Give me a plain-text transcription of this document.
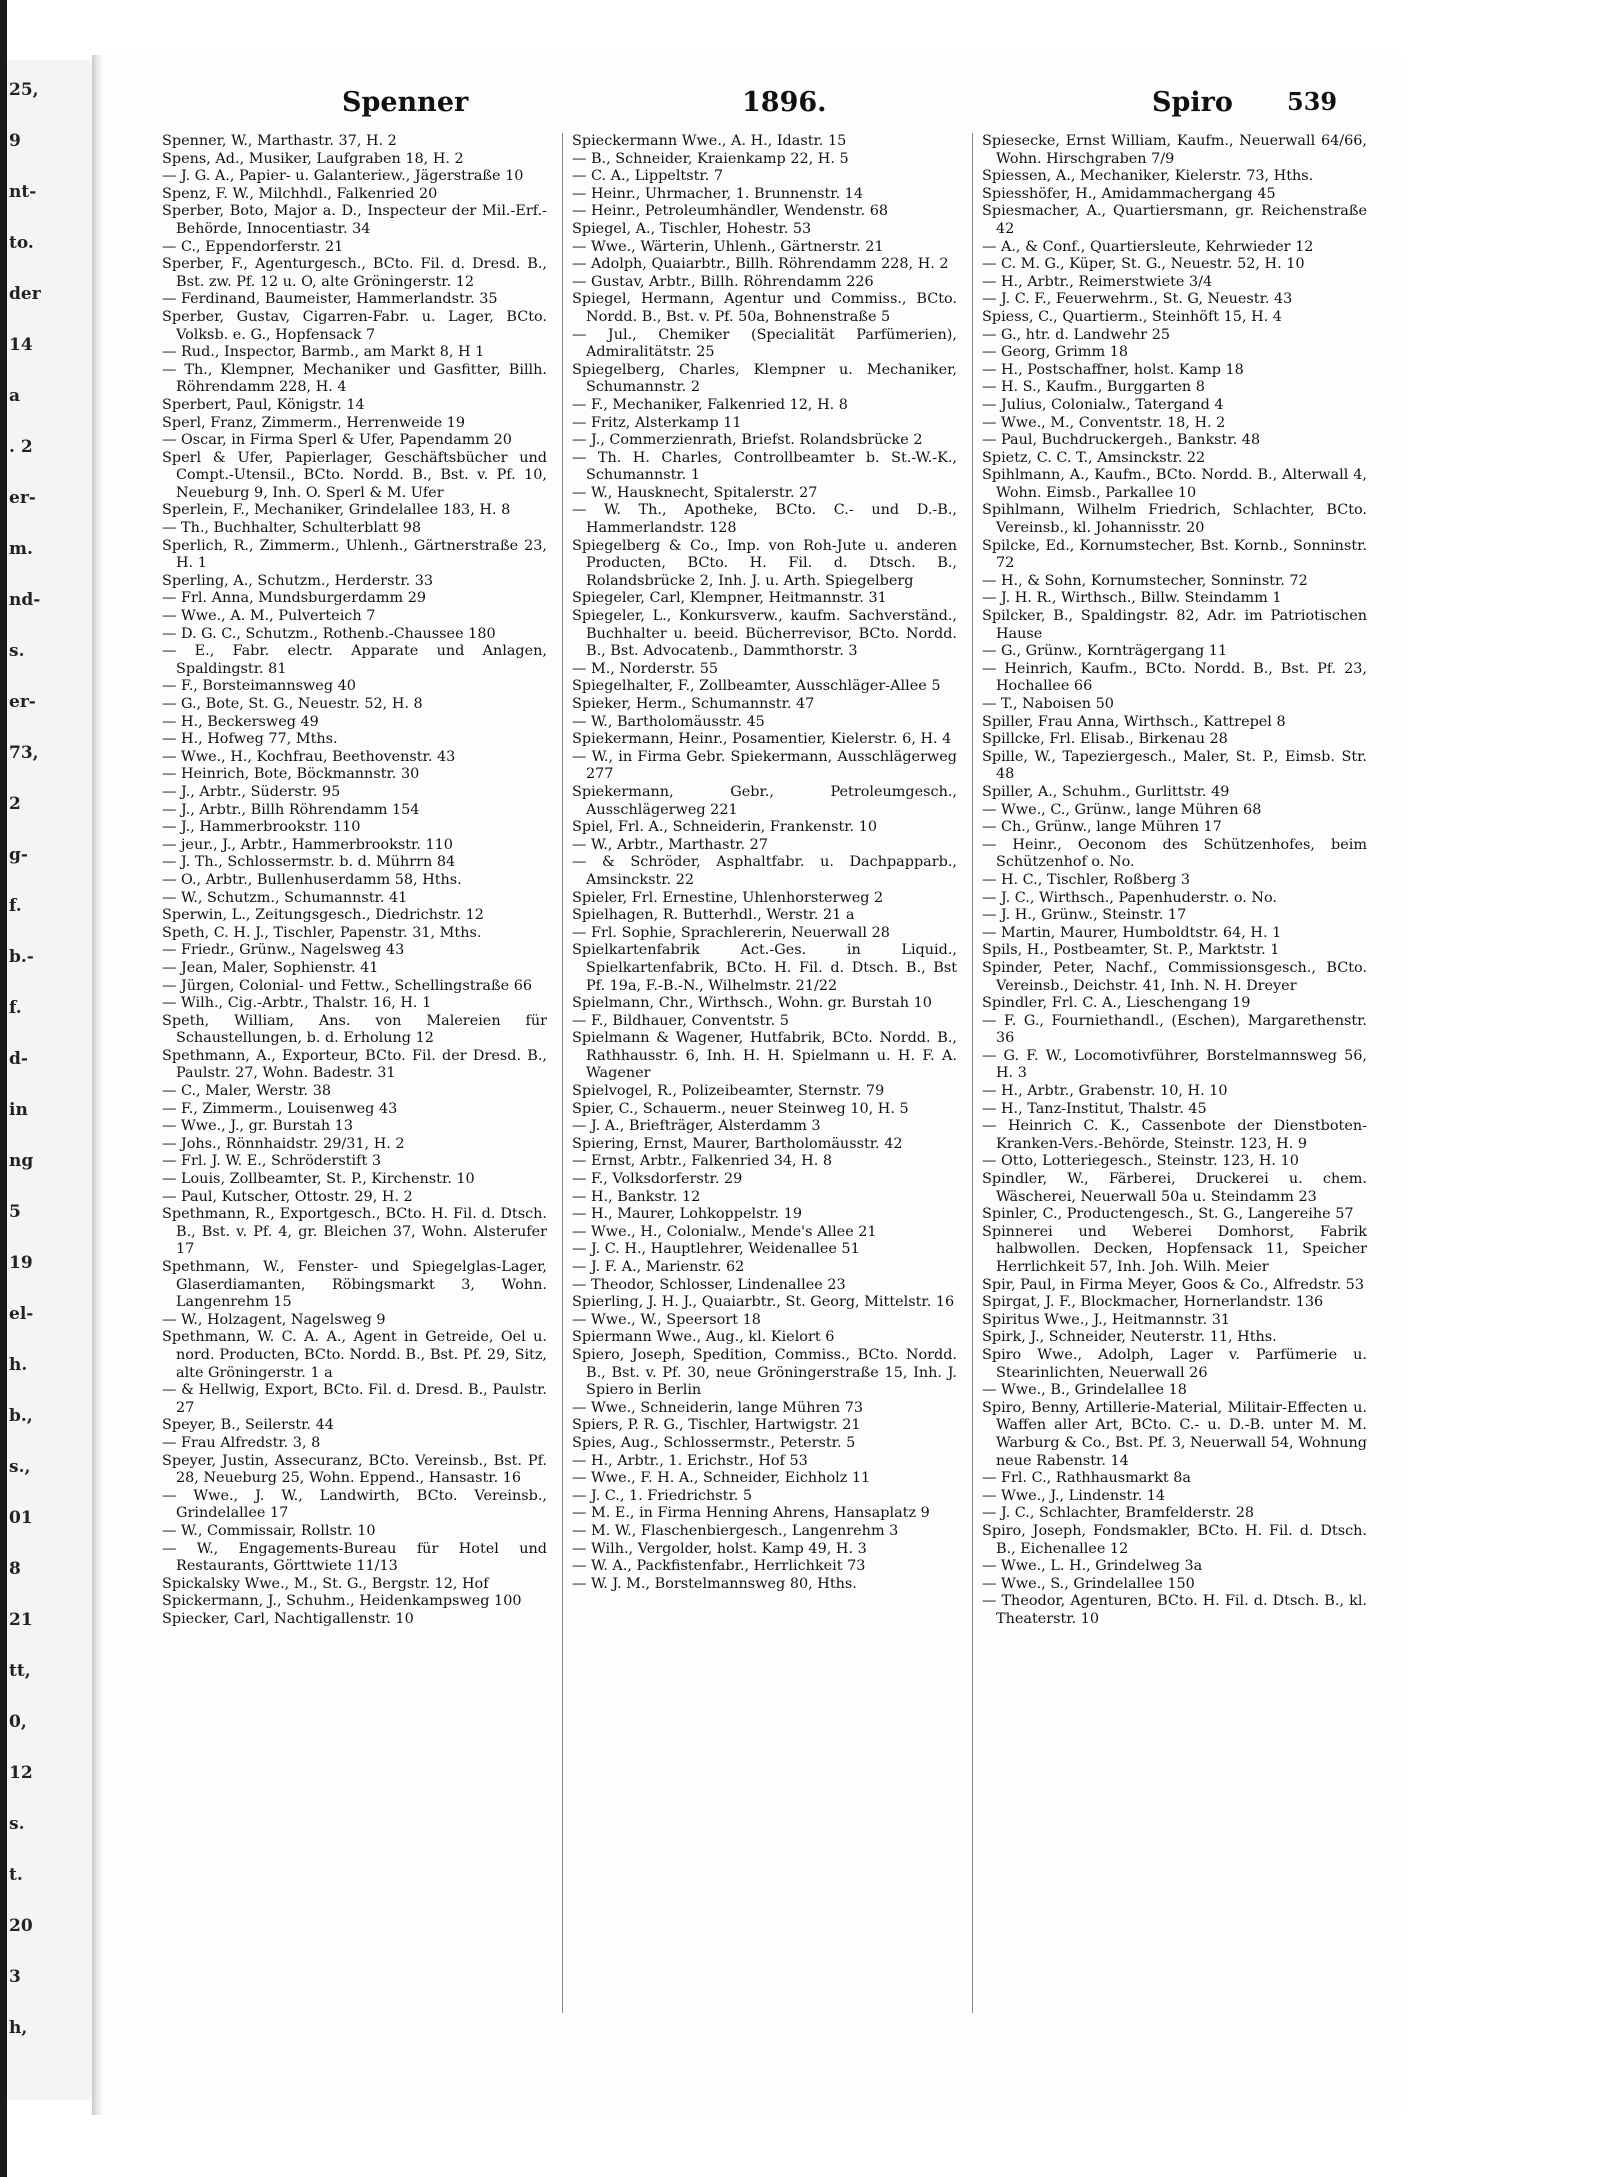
25,
9
nt-
to.
der
14
a
. 2
er-
m.
nd-
s.
er-
73,
2
g-
f.
b.-
f.
d-
in
ng
5
19
el-
h.
b.,
s.,
01
8
21
tt,
0,
12
s.
t.
20
3
h,
Spenner	1896.	Spiro 539
Spenner, W., Marthastr. 37, H. 2
Spens, Ad., Musiker, Laufgraben 18, H. 2
— J. G. A., Papier- u. Galanteriew., Jägerstraße 10
Spenz, F. W., Milchhdl., Falkenried 20
Sperber, Boto, Major a. D., Inspecteur der Mil.-Erf.-Behörde, Innocentiastr. 34
— C., Eppendorferstr. 21
Sperber, F., Agenturgesch., BCto. Fil. d. Dresd. B., Bst. zw. Pf. 12 u. O, alte Gröningerstr. 12
— Ferdinand, Baumeister, Hammerlandstr. 35
Sperber, Gustav, Cigarren-Fabr. u. Lager, BCto. Volksb. e. G., Hopfensack 7
— Rud., Inspector, Barmb., am Markt 8, H 1
— Th., Klempner, Mechaniker und Gasfitter, Billh. Röhrendamm 228, H. 4
Sperbert, Paul, Königstr. 14
Sperl, Franz, Zimmerm., Herrenweide 19
— Oscar, in Firma Sperl & Ufer, Papendamm 20
Sperl & Ufer, Papierlager, Geschäftsbücher und Compt.-Utensil., BCto. Nordd. B., Bst. v. Pf. 10, Neueburg 9, Inh. O. Sperl & M. Ufer
Sperlein, F., Mechaniker, Grindelallee 183, H. 8
— Th., Buchhalter, Schulterblatt 98
Sperlich, R., Zimmerm., Uhlenh., Gärtnerstraße 23, H. 1
Sperling, A., Schutzm., Herderstr. 33
— Frl. Anna, Mundsburgerdamm 29
— Wwe., A. M., Pulverteich 7
— D. G. C., Schutzm., Rothenb.-Chaussee 180
— E., Fabr. electr. Apparate und Anlagen, Spaldingstr. 81
— F., Borsteimannsweg 40
— G., Bote, St. G., Neuestr. 52, H. 8
— H., Beckersweg 49
— H., Hofweg 77, Mths.
— Wwe., H., Kochfrau, Beethovenstr. 43
— Heinrich, Bote, Böckmannstr. 30
— J., Arbtr., Süderstr. 95
— J., Arbtr., Billh Röhrendamm 154
— J., Hammerbrookstr. 110
— jeur., J., Arbtr., Hammerbrookstr. 110
— J. Th., Schlossermstr. b. d. Mührrn 84
— O., Arbtr., Bullenhuserdamm 58, Hths.
— W., Schutzm., Schumannstr. 41
Sperwin, L., Zeitungsgesch., Diedrichstr. 12
Speth, C. H. J., Tischler, Papenstr. 31, Mths.
— Friedr., Grünw., Nagelsweg 43
— Jean, Maler, Sophienstr. 41
— Jürgen, Colonial- und Fettw., Schellingstraße 66
— Wilh., Cig.-Arbtr., Thalstr. 16, H. 1
Speth, William, Ans. von Malereien für Schaustellungen, b. d. Erholung 12
Spethmann, A., Exporteur, BCto. Fil. der Dresd. B., Paulstr. 27, Wohn. Badestr. 31
— C., Maler, Werstr. 38
— F., Zimmerm., Louisenweg 43
— Wwe., J., gr. Burstah 13
— Johs., Rönnhaidstr. 29/31, H. 2
— Frl. J. W. E., Schröderstift 3
— Louis, Zollbeamter, St. P., Kirchenstr. 10
— Paul, Kutscher, Ottostr. 29, H. 2
Spethmann, R., Exportgesch., BCto. H. Fil. d. Dtsch. B., Bst. v. Pf. 4, gr. Bleichen 37, Wohn. Alsterufer 17
Spethmann, W., Fenster- und Spiegelglas-Lager, Glaserdiamanten, Röbingsmarkt 3, Wohn. Langenrehm 15
— W., Holzagent, Nagelsweg 9
Spethmann, W. C. A. A., Agent in Getreide, Oel u. nord. Producten, BCto. Nordd. B., Bst. Pf. 29, Sitz, alte Gröningerstr. 1 a
— & Hellwig, Export, BCto. Fil. d. Dresd. B., Paulstr. 27
Speyer, B., Seilerstr. 44
— Frau Alfredstr. 3, 8
Speyer, Justin, Assecuranz, BCto. Vereinsb., Bst. Pf. 28, Neueburg 25, Wohn. Eppend., Hansastr. 16
— Wwe., J. W., Landwirth, BCto. Vereinsb., Grindelallee 17
— W., Commissair, Rollstr. 10
— W., Engagements-Bureau für Hotel und Restaurants, Görttwiete 11/13
Spickalsky Wwe., M., St. G., Bergstr. 12, Hof
Spickermann, J., Schuhm., Heidenkampsweg 100
Spiecker, Carl, Nachtigallenstr. 10
Spieckermann Wwe., A. H., Idastr. 15
— B., Schneider, Kraienkamp 22, H. 5
— C. A., Lippeltstr. 7
— Heinr., Uhrmacher, 1. Brunnenstr. 14
— Heinr., Petroleumhändler, Wendenstr. 68
Spiegel, A., Tischler, Hohestr. 53
— Wwe., Wärterin, Uhlenh., Gärtnerstr. 21
— Adolph, Quaiarbtr., Billh. Röhrendamm 228, H. 2
— Gustav, Arbtr., Billh. Röhrendamm 226
Spiegel, Hermann, Agentur und Commiss., BCto. Nordd. B., Bst. v. Pf. 50a, Bohnenstraße 5
— Jul., Chemiker (Specialität Parfümerien), Admiralitätstr. 25
Spiegelberg, Charles, Klempner u. Mechaniker, Schumannstr. 2
— F., Mechaniker, Falkenried 12, H. 8
— Fritz, Alsterkamp 11
— J., Commerzienrath, Briefst. Rolandsbrücke 2
— Th. H. Charles, Controllbeamter b. St.-W.-K., Schumannstr. 1
— W., Hausknecht, Spitalerstr. 27
— W. Th., Apotheke, BCto. C.- und D.-B., Hammerlandstr. 128
Spiegelberg & Co., Imp. von Roh-Jute u. anderen Producten, BCto. H. Fil. d. Dtsch. B., Rolandsbrücke 2, Inh. J. u. Arth. Spiegelberg
Spiegeler, Carl, Klempner, Heitmannstr. 31
Spiegeler, L., Konkursverw., kaufm. Sachverständ., Buchhalter u. beeid. Bücherrevisor, BCto. Nordd. B., Bst. Advocatenb., Dammthorstr. 3
— M., Norderstr. 55
Spiegelhalter, F., Zollbeamter, Ausschläger-Allee 5
Spieker, Herm., Schumannstr. 47
— W., Bartholomäusstr. 45
Spiekermann, Heinr., Posamentier, Kielerstr. 6, H. 4
— W., in Firma Gebr. Spiekermann, Ausschlägerweg 277
Spiekermann, Gebr., Petroleumgesch., Ausschlägerweg 221
Spiel, Frl. A., Schneiderin, Frankenstr. 10
— W., Arbtr., Marthastr. 27
— & Schröder, Asphaltfabr. u. Dachpapparb., Amsinckstr. 22
Spieler, Frl. Ernestine, Uhlenhorsterweg 2
Spielhagen, R. Butterhdl., Werstr. 21 a
— Frl. Sophie, Sprachlererin, Neuerwall 28
Spielkartenfabrik Act.-Ges. in Liquid., Spielkartenfabrik, BCto. H. Fil. d. Dtsch. B., Bst Pf. 19a, F.-B.-N., Wilhelmstr. 21/22
Spielmann, Chr., Wirthsch., Wohn. gr. Burstah 10
— F., Bildhauer, Conventstr. 5
Spielmann & Wagener, Hutfabrik, BCto. Nordd. B., Rathhausstr. 6, Inh. H. H. Spielmann u. H. F. A. Wagener
Spielvogel, R., Polizeibeamter, Sternstr. 79
Spier, C., Schauerm., neuer Steinweg 10, H. 5
— J. A., Briefträger, Alsterdamm 3
Spiering, Ernst, Maurer, Bartholomäusstr. 42
— Ernst, Arbtr., Falkenried 34, H. 8
— F., Volksdorferstr. 29
— H., Bankstr. 12
— H., Maurer, Lohkoppelstr. 19
— Wwe., H., Colonialw., Mende's Allee 21
— J. C. H., Hauptlehrer, Weidenallee 51
— J. F. A., Marienstr. 62
— Theodor, Schlosser, Lindenallee 23
Spierling, J. H. J., Quaiarbtr., St. Georg, Mittelstr. 16
— Wwe., W., Speersort 18
Spiermann Wwe., Aug., kl. Kielort 6
Spiero, Joseph, Spedition, Commiss., BCto. Nordd. B., Bst. v. Pf. 30, neue Gröningerstraße 15, Inh. J. Spiero in Berlin
— Wwe., Schneiderin, lange Mühren 73
Spiers, P. R. G., Tischler, Hartwigstr. 21
Spies, Aug., Schlossermstr., Peterstr. 5
— H., Arbtr., 1. Erichstr., Hof 53
— Wwe., F. H. A., Schneider, Eichholz 11
— J. C., 1. Friedrichstr. 5
— M. E., in Firma Henning Ahrens, Hansaplatz 9
— M. W., Flaschenbiergesch., Langenrehm 3
— Wilh., Vergolder, holst. Kamp 49, H. 3
— W. A., Packfistenfabr., Herrlichkeit 73
— W. J. M., Borstelmannsweg 80, Hths.
Spiesecke, Ernst William, Kaufm., Neuerwall 64/66, Wohn. Hirschgraben 7/9
Spiessen, A., Mechaniker, Kielerstr. 73, Hths.
Spiesshöfer, H., Amidammachergang 45
Spiesmacher, A., Quartiersmann, gr. Reichenstraße 42
— A., & Conf., Quartiersleute, Kehrwieder 12
— C. M. G., Küper, St. G., Neuestr. 52, H. 10
— H., Arbtr., Reimerstwiete 3/4
— J. C. F., Feuerwehrm., St. G, Neuestr. 43
Spiess, C., Quartierm., Steinhöft 15, H. 4
— G., htr. d. Landwehr 25
— Georg, Grimm 18
— H., Postschaffner, holst. Kamp 18
— H. S., Kaufm., Burggarten 8
— Julius, Colonialw., Tatergand 4
— Wwe., M., Conventstr. 18, H. 2
— Paul, Buchdruckergeh., Bankstr. 48
Spietz, C. C. T., Amsinckstr. 22
Spihlmann, A., Kaufm., BCto. Nordd. B., Alterwall 4, Wohn. Eimsb., Parkallee 10
Spihlmann, Wilhelm Friedrich, Schlachter, BCto. Vereinsb., kl. Johannisstr. 20
Spilcke, Ed., Kornumstecher, Bst. Kornb., Sonninstr. 72
— H., & Sohn, Kornumstecher, Sonninstr. 72
— J. H. R., Wirthsch., Billw. Steindamm 1
Spilcker, B., Spaldingstr. 82, Adr. im Patriotischen Hause
— G., Grünw., Kornträgergang 11
— Heinrich, Kaufm., BCto. Nordd. B., Bst. Pf. 23, Hochallee 66
— T., Naboisen 50
Spiller, Frau Anna, Wirthsch., Kattrepel 8
Spillcke, Frl. Elisab., Birkenau 28
Spille, W., Tapeziergesch., Maler, St. P., Eimsb. Str. 48
Spiller, A., Schuhm., Gurlittstr. 49
— Wwe., C., Grünw., lange Mühren 68
— Ch., Grünw., lange Mühren 17
— Heinr., Oeconom des Schützenhofes, beim Schützenhof o. No.
— H. C., Tischler, Roßberg 3
— J. C., Wirthsch., Papenhuderstr. o. No.
— J. H., Grünw., Steinstr. 17
— Martin, Maurer, Humboldtstr. 64, H. 1
Spils, H., Postbeamter, St. P., Marktstr. 1
Spinder, Peter, Nachf., Commissionsgesch., BCto. Vereinsb., Deichstr. 41, Inh. N. H. Dreyer
Spindler, Frl. C. A., Lieschengang 19
— F. G., Fourniethandl., (Eschen), Margarethenstr. 36
— G. F. W., Locomotivführer, Borstelmannsweg 56, H. 3
— H., Arbtr., Grabenstr. 10, H. 10
— H., Tanz-Institut, Thalstr. 45
— Heinrich C. K., Cassenbote der Dienstboten-Kranken-Vers.-Behörde, Steinstr. 123, H. 9
— Otto, Lotteriegesch., Steinstr. 123, H. 10
Spindler, W., Färberei, Druckerei u. chem. Wäscherei, Neuerwall 50a u. Steindamm 23
Spinler, C., Productengesch., St. G., Langereihe 57
Spinnerei und Weberei Domhorst, Fabrik halbwollen. Decken, Hopfensack 11, Speicher Herrlichkeit 57, Inh. Joh. Wilh. Meier
Spir, Paul, in Firma Meyer, Goos & Co., Alfredstr. 53
Spirgat, J. F., Blockmacher, Hornerlandstr. 136
Spiritus Wwe., J., Heitmannstr. 31
Spirk, J., Schneider, Neuterstr. 11, Hths.
Spiro Wwe., Adolph, Lager v. Parfümerie u. Stearinlichten, Neuerwall 26
— Wwe., B., Grindelallee 18
Spiro, Benny, Artillerie-Material, Militair-Effecten u. Waffen aller Art, BCto. C.- u. D.-B. unter M. M. Warburg & Co., Bst. Pf. 3, Neuerwall 54, Wohnung neue Rabenstr. 14
— Frl. C., Rathhausmarkt 8a
— Wwe., J., Lindenstr. 14
— J. C., Schlachter, Bramfelderstr. 28
Spiro, Joseph, Fondsmakler, BCto. H. Fil. d. Dtsch. B., Eichenallee 12
— Wwe., L. H., Grindelweg 3a
— Wwe., S., Grindelallee 150
— Theodor, Agenturen, BCto. H. Fil. d. Dtsch. B., kl. Theaterstr. 10
